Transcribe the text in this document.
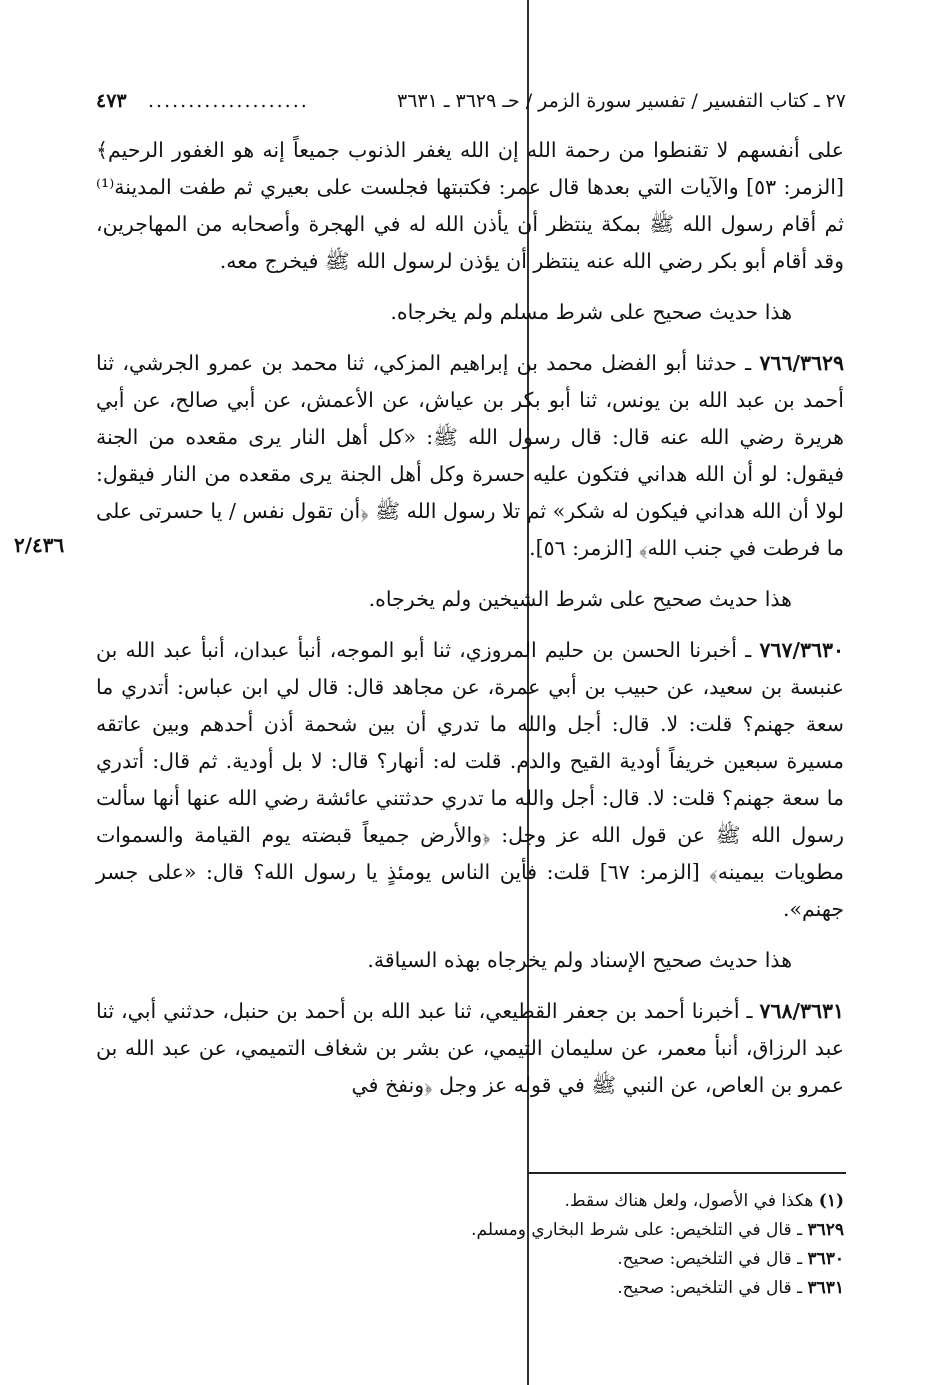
٢٧ ـ كتاب التفسير / تفسير سورة الزمر / حـ ٣٦٢٩ ـ ٣٦٣١
....................
٤٧٣
٢/٤٣٦

على أنفسهم لا تقنطوا من رحمة الله إن الله يغفر الذنوب جميعاً إنه هو الغفور الرحيم﴾ [الزمر: ٥٣] والآيات التي بعدها قال عمر: فكتبتها فجلست على بعيري ثم طفت المدينة⁽¹⁾ ثم أقام رسول الله ﷺ بمكة ينتظر أن يأذن الله له في الهجرة وأصحابه من المهاجرين، وقد أقام أبو بكر رضي الله عنه ينتظر أن يؤذن لرسول الله ﷺ فيخرج معه.

هذا حديث صحيح على شرط مسلم ولم يخرجاه.

٧٦٦/٣٦٢٩ ـ حدثنا أبو الفضل محمد بن إبراهيم المزكي، ثنا محمد بن عمرو الجرشي، ثنا أحمد بن عبد الله بن يونس، ثنا أبو بكر بن عياش، عن الأعمش، عن أبي صالح، عن أبي هريرة رضي الله عنه قال: قال رسول الله ﷺ: «كل أهل النار يرى مقعده من الجنة فيقول: لو أن الله هداني فتكون عليه حسرة وكل أهل الجنة يرى مقعده من النار فيقول: لولا أن الله هداني فيكون له شكر» ثم تلا رسول الله ﷺ ﴿أن تقول نفس / يا حسرتى على ما فرطت في جنب الله﴾ [الزمر: ٥٦].

هذا حديث صحيح على شرط الشيخين ولم يخرجاه.

٧٦٧/٣٦٣٠ ـ أخبرنا الحسن بن حليم المروزي، ثنا أبو الموجه، أنبأ عبدان، أنبأ عبد الله بن عنبسة بن سعيد، عن حبيب بن أبي عمرة، عن مجاهد قال: قال لي ابن عباس: أتدري ما سعة جهنم؟ قلت: لا. قال: أجل والله ما تدري أن بين شحمة أذن أحدهم وبين عاتقه مسيرة سبعين خريفاً أودية القيح والدم. قلت له: أنهار؟ قال: لا بل أودية. ثم قال: أتدري ما سعة جهنم؟ قلت: لا. قال: أجل والله ما تدري حدثتني عائشة رضي الله عنها أنها سألت رسول الله ﷺ عن قول الله عز وجل: ﴿والأرض جميعاً قبضته يوم القيامة والسموات مطويات بيمينه﴾ [الزمر: ٦٧] قلت: فأين الناس يومئذٍ يا رسول الله؟ قال: «على جسر جهنم».

هذا حديث صحيح الإسناد ولم يخرجاه بهذه السياقة.

٧٦٨/٣٦٣١ ـ أخبرنا أحمد بن جعفر القطيعي، ثنا عبد الله بن أحمد بن حنبل، حدثني أبي، ثنا عبد الرزاق، أنبأ معمر، عن سليمان التيمي، عن بشر بن شغاف التميمي، عن عبد الله بن عمرو بن العاص، عن النبي ﷺ في قوله عز وجل ﴿ونفخ في

(١) هكذا في الأصول، ولعل هناك سقط.
٣٦٢٩ ـ قال في التلخيص: على شرط البخاري ومسلم.
٣٦٣٠ ـ قال في التلخيص: صحيح.
٣٦٣١ ـ قال في التلخيص: صحيح.
